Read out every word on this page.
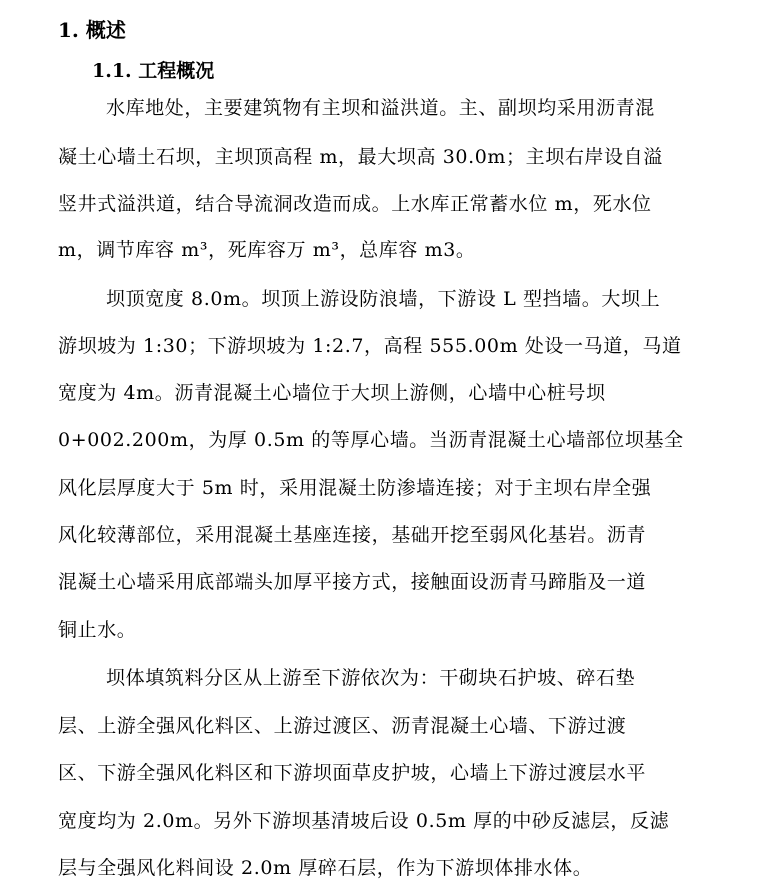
1. 概述
1.1. 工程概况
水库地处，主要建筑物有主坝和溢洪道。主、副坝均采用沥青混
凝土心墙土石坝，主坝顶高程 m，最大坝高 30.0m；主坝右岸设自溢
竖井式溢洪道，结合导流洞改造而成。上水库正常蓄水位 m，死水位
m，调节库容 m³，死库容万 m³，总库容 m3。
坝顶宽度 8.0m。坝顶上游设防浪墙，下游设 L 型挡墙。大坝上
游坝坡为 1:30；下游坝坡为 1:2.7，高程 555.00m 处设一马道，马道
宽度为 4m。沥青混凝土心墙位于大坝上游侧，心墙中心桩号坝
0+002.200m，为厚 0.5m 的等厚心墙。当沥青混凝土心墙部位坝基全
风化层厚度大于 5m 时，采用混凝土防渗墙连接；对于主坝右岸全强
风化较薄部位，采用混凝土基座连接，基础开挖至弱风化基岩。沥青
混凝土心墙采用底部端头加厚平接方式，接触面设沥青马蹄脂及一道
铜止水。
坝体填筑料分区从上游至下游依次为：干砌块石护坡、碎石垫
层、上游全强风化料区、上游过渡区、沥青混凝土心墙、下游过渡
区、下游全强风化料区和下游坝面草皮护坡，心墙上下游过渡层水平
宽度均为 2.0m。另外下游坝基清坡后设 0.5m 厚的中砂反滤层，反滤
层与全强风化料间设 2.0m 厚碎石层，作为下游坝体排水体。
